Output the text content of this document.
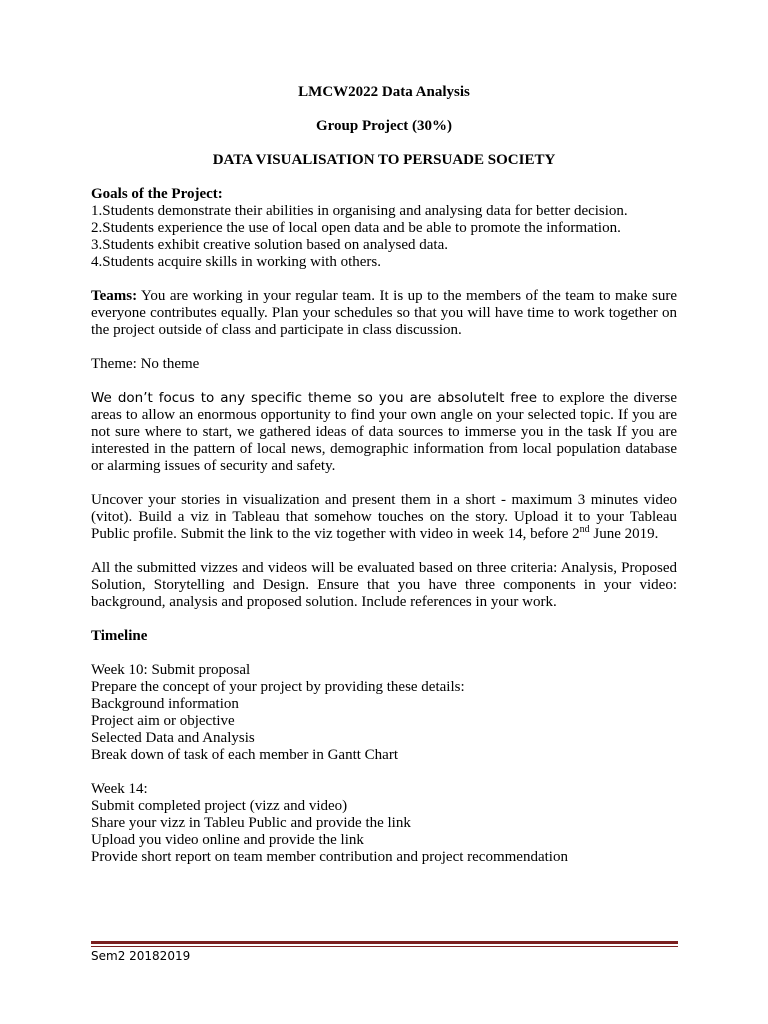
LMCW2022 Data Analysis

Group Project (30%)

DATA VISUALISATION TO PERSUADE SOCIETY

Goals of the Project:
1.Students demonstrate their abilities in organising and analysing data for better decision.
2.Students experience the use of local open data and be able to promote the information.
3.Students exhibit creative solution based on analysed data.
4.Students acquire skills in working with others.

Teams: You are working in your regular team. It is up to the members of the team to make sure everyone contributes equally. Plan your schedules so that you will have time to work together on the project outside of class and participate in class discussion.

Theme: No theme

We don’t focus to any specific theme so you are absolutelt free to explore the diverse areas to allow an enormous opportunity to find your own angle on your selected topic. If you are not sure where to start, we gathered ideas of data sources to immerse you in the task If you are interested in the pattern of local news, demographic information from local population database or alarming issues of security and safety.

Uncover your stories in visualization and present them in a short - maximum 3 minutes video (vitot). Build a viz in Tableau that somehow touches on the story. Upload it to your Tableau Public profile. Submit the link to the viz together with video in week 14, before 2nd June 2019.

All the submitted vizzes and videos will be evaluated based on three criteria: Analysis, Proposed Solution, Storytelling and Design. Ensure that you have three components in your video: background, analysis and proposed solution. Include references in your work.

Timeline

Week 10: Submit proposal
Prepare the concept of your project by providing these details:
Background information
Project aim or objective
Selected Data and Analysis
Break down of task of each member in Gantt Chart
Week 14:
Submit completed project (vizz and video)
Share your vizz in Tableu Public and provide the link
Upload you video online and provide the link
Provide short report on team member contribution and project recommendation
Sem2 20182019
